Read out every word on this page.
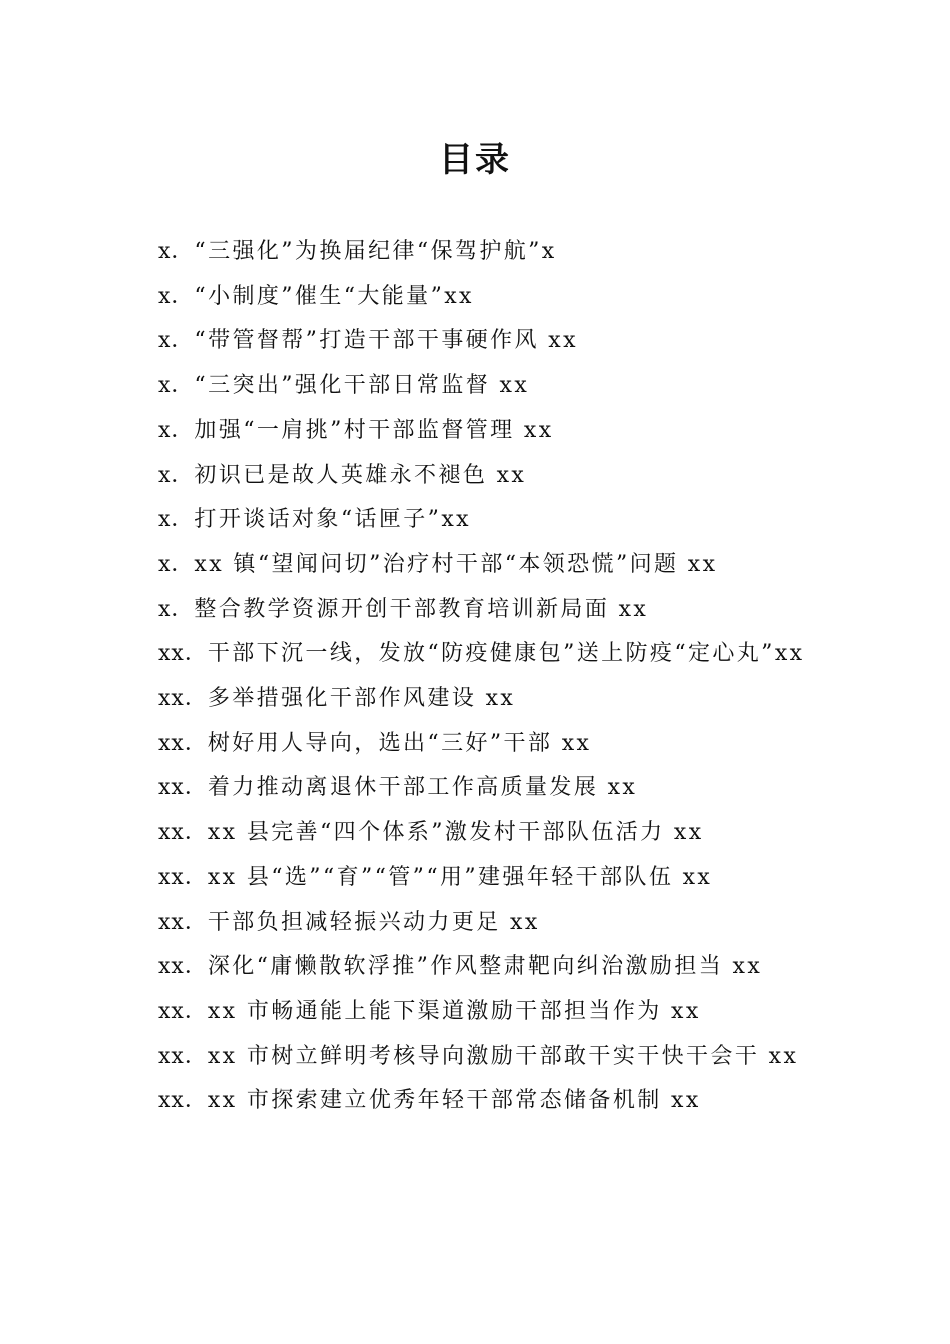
目录
x．“三强化”为换届纪律“保驾护航”x
x．“小制度”催生“大能量”xx
x．“带管督帮”打造干部干事硬作风 xx
x．“三突出”强化干部日常监督 xx
x．加强“一肩挑”村干部监督管理 xx
x．初识已是故人英雄永不褪色 xx
x．打开谈话对象“话匣子”xx
x．xx 镇“望闻问切”治疗村干部“本领恐慌”问题 xx
x．整合教学资源开创干部教育培训新局面 xx
xx．干部下沉一线，发放“防疫健康包”送上防疫“定心丸”xx
xx．多举措强化干部作风建设 xx
xx．树好用人导向，选出“三好”干部 xx
xx．着力推动离退休干部工作高质量发展 xx
xx．xx 县完善“四个体系”激发村干部队伍活力 xx
xx．xx 县“选”“育”“管”“用”建强年轻干部队伍 xx
xx．干部负担减轻振兴动力更足 xx
xx．深化“庸懒散软浮推”作风整肃靶向纠治激励担当 xx
xx．xx 市畅通能上能下渠道激励干部担当作为 xx
xx．xx 市树立鲜明考核导向激励干部敢干实干快干会干 xx
xx．xx 市探索建立优秀年轻干部常态储备机制 xx
